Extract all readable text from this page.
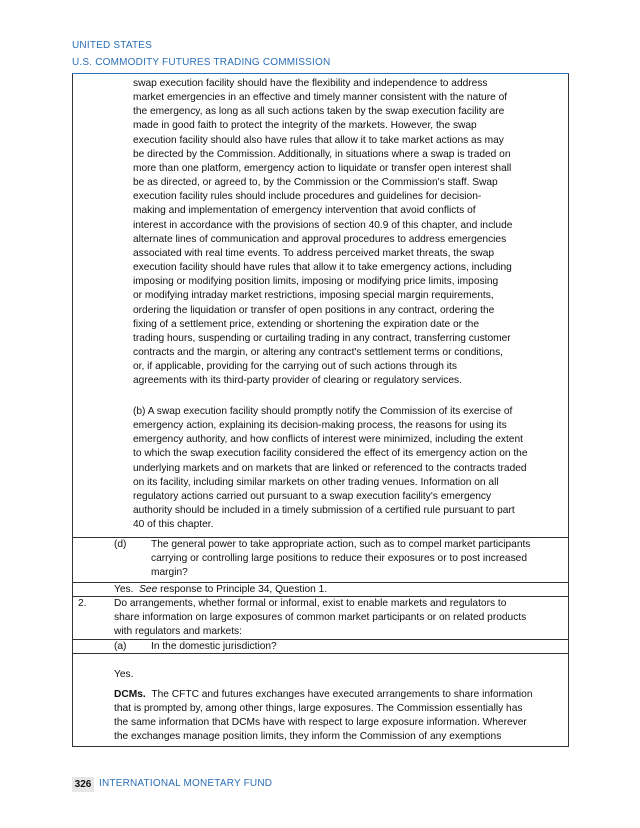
UNITED STATES
U.S. COMMODITY FUTURES TRADING COMMISSION
swap execution facility should have the flexibility and independence to address
market emergencies in an effective and timely manner consistent with the nature of
the emergency, as long as all such actions taken by the swap execution facility are
made in good faith to protect the integrity of the markets. However, the swap
execution facility should also have rules that allow it to take market actions as may
be directed by the Commission. Additionally, in situations where a swap is traded on
more than one platform, emergency action to liquidate or transfer open interest shall
be as directed, or agreed to, by the Commission or the Commission's staff. Swap
execution facility rules should include procedures and guidelines for decision-
making and implementation of emergency intervention that avoid conflicts of
interest in accordance with the provisions of section 40.9 of this chapter, and include
alternate lines of communication and approval procedures to address emergencies
associated with real time events. To address perceived market threats, the swap
execution facility should have rules that allow it to take emergency actions, including
imposing or modifying position limits, imposing or modifying price limits, imposing
or modifying intraday market restrictions, imposing special margin requirements,
ordering the liquidation or transfer of open positions in any contract, ordering the
fixing of a settlement price, extending or shortening the expiration date or the
trading hours, suspending or curtailing trading in any contract, transferring customer
contracts and the margin, or altering any contract's settlement terms or conditions,
or, if applicable, providing for the carrying out of such actions through its
agreements with its third-party provider of clearing or regulatory services.
(b) A swap execution facility should promptly notify the Commission of its exercise of
emergency action, explaining its decision-making process, the reasons for using its
emergency authority, and how conflicts of interest were minimized, including the extent
to which the swap execution facility considered the effect of its emergency action on the
underlying markets and on markets that are linked or referenced to the contracts traded
on its facility, including similar markets on other trading venues. Information on all
regulatory actions carried out pursuant to a swap execution facility's emergency
authority should be included in a timely submission of a certified rule pursuant to part
40 of this chapter.
(d) The general power to take appropriate action, such as to compel market participants
carrying or controlling large positions to reduce their exposures or to post increased
margin?
Yes. See response to Principle 34, Question 1.
2.	Do arrangements, whether formal or informal, exist to enable markets and regulators to
share information on large exposures of common market participants or on related products
with regulators and markets:
(a) In the domestic jurisdiction?
Yes.
DCMs. The CFTC and futures exchanges have executed arrangements to share information
that is prompted by, among other things, large exposures. The Commission essentially has
the same information that DCMs have with respect to large exposure information. Wherever
the exchanges manage position limits, they inform the Commission of any exemptions
326 INTERNATIONAL MONETARY FUND
